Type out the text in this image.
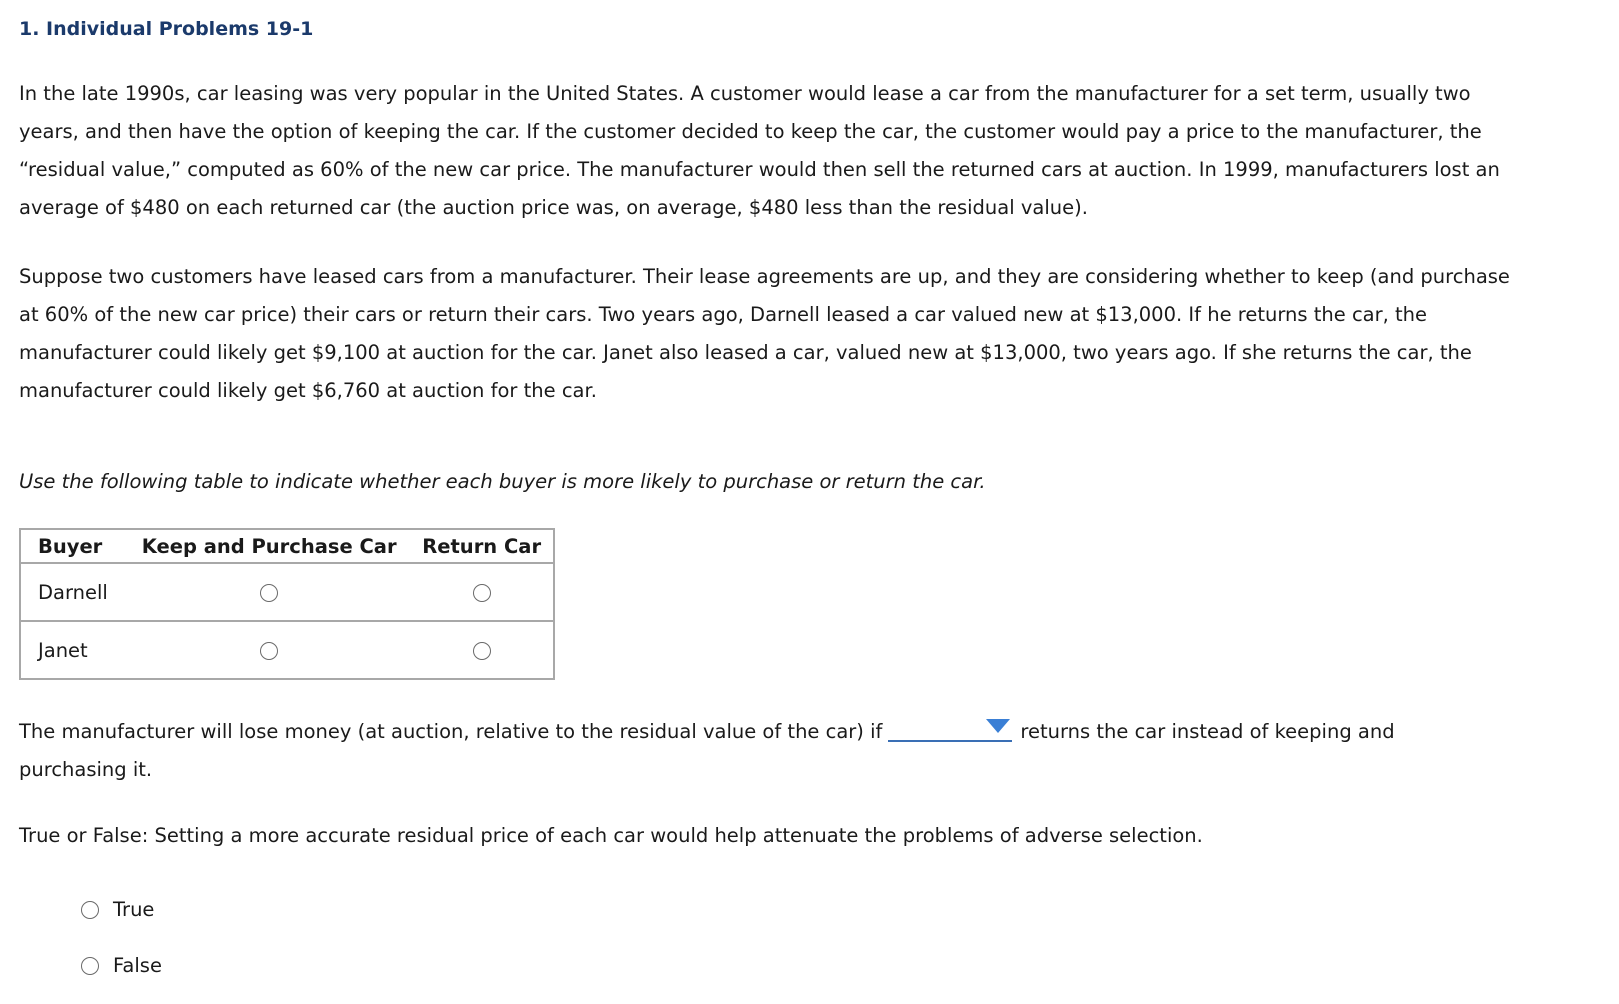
1. Individual Problems 19-1

In the late 1990s, car leasing was very popular in the United States. A customer would lease a car from the manufacturer for a set term, usually two years, and then have the option of keeping the car. If the customer decided to keep the car, the customer would pay a price to the manufacturer, the “residual value,” computed as 60% of the new car price. The manufacturer would then sell the returned cars at auction. In 1999, manufacturers lost an average of $480 on each returned car (the auction price was, on average, $480 less than the residual value).

Suppose two customers have leased cars from a manufacturer. Their lease agreements are up, and they are considering whether to keep (and purchase at 60% of the new car price) their cars or return their cars. Two years ago, Darnell leased a car valued new at $13,000. If he returns the car, the manufacturer could likely get $9,100 at auction for the car. Janet also leased a car, valued new at $13,000, two years ago. If she returns the car, the manufacturer could likely get $6,760 at auction for the car.

Use the following table to indicate whether each buyer is more likely to purchase or return the car.

Buyer	Keep and Purchase Car	Return Car
Darnell		
Janet		

The manufacturer will lose money (at auction, relative to the residual value of the car) if	returns the car instead of keeping and purchasing it.

True or False: Setting a more accurate residual price of each car would help attenuate the problems of adverse selection.

True
False
